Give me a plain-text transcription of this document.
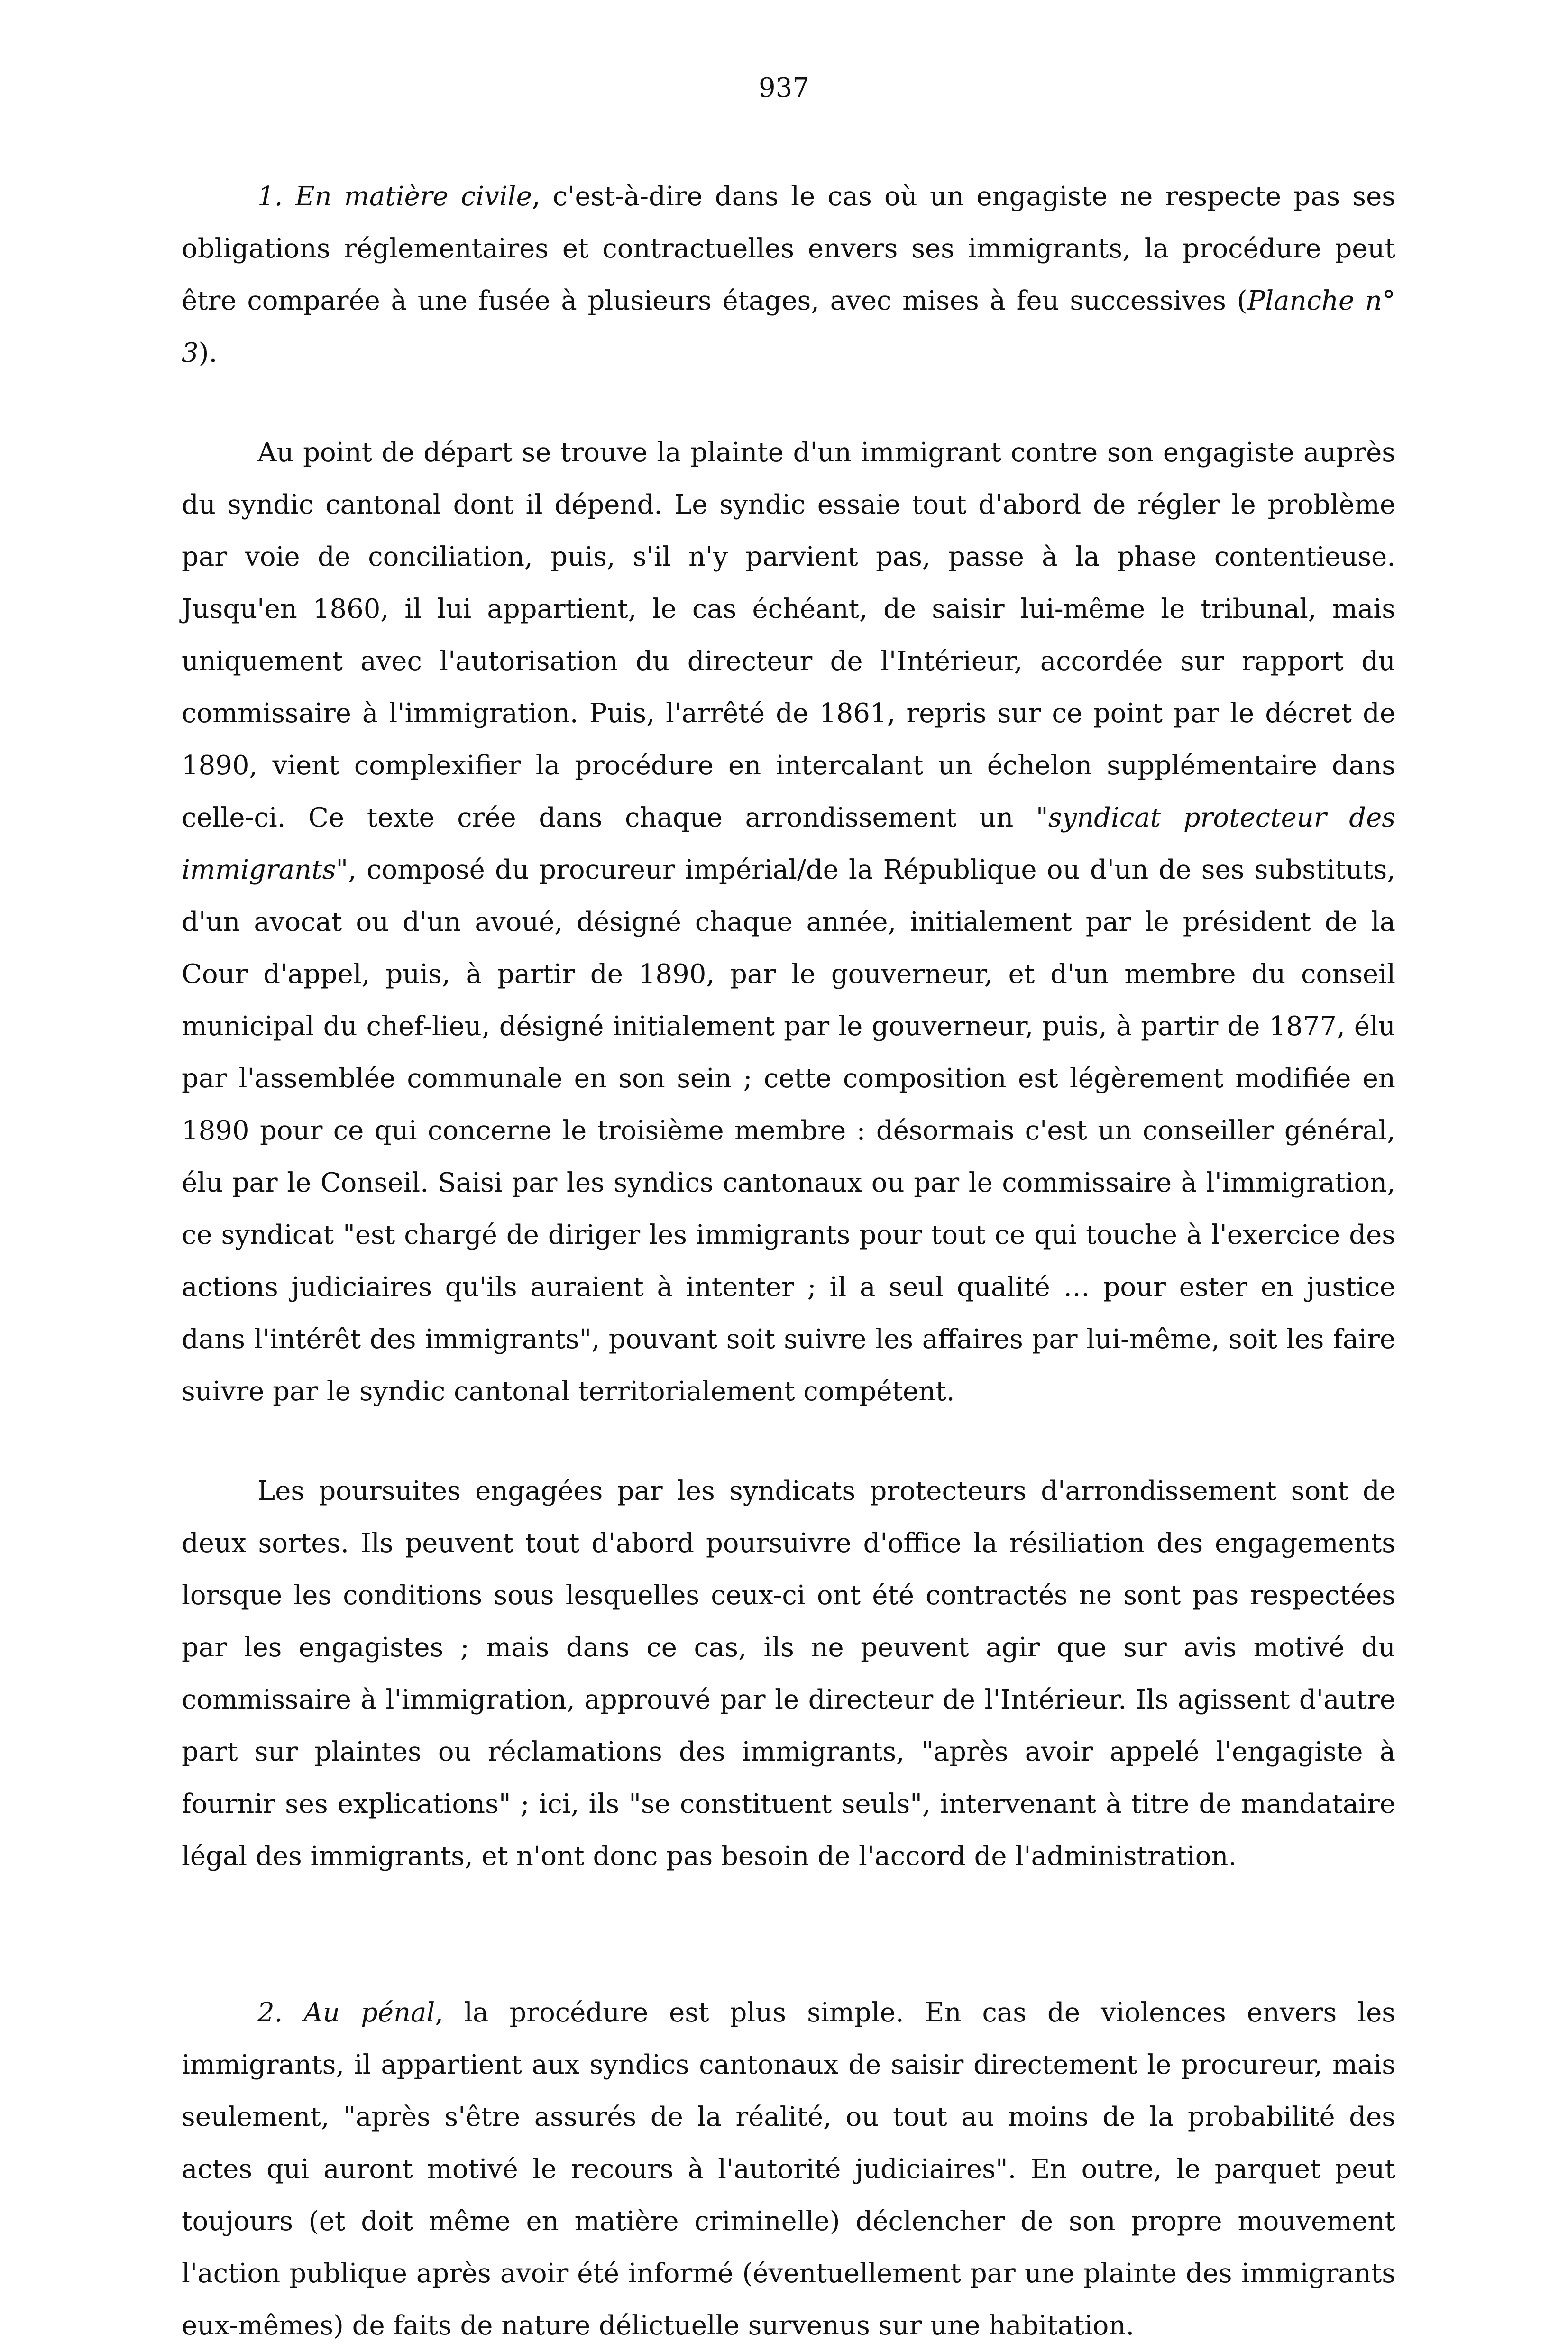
937

1. En matière civile, c'est-à-dire dans le cas où un engagiste ne respecte pas ses obligations réglementaires et contractuelles envers ses immigrants, la procédure peut être comparée à une fusée à plusieurs étages, avec mises à feu successives (Planche n° 3).

Au point de départ se trouve la plainte d'un immigrant contre son engagiste auprès du syndic cantonal dont il dépend. Le syndic essaie tout d'abord de régler le problème par voie de conciliation, puis, s'il n'y parvient pas, passe à la phase contentieuse. Jusqu'en 1860, il lui appartient, le cas échéant, de saisir lui-même le tribunal, mais uniquement avec l'autorisation du directeur de l'Intérieur, accordée sur rapport du commissaire à l'immigration. Puis, l'arrêté de 1861, repris sur ce point par le décret de 1890, vient complexifier la procédure en intercalant un échelon supplémentaire dans celle-ci. Ce texte crée dans chaque arrondissement un "syndicat protecteur des immigrants", composé du procureur impérial/de la République ou d'un de ses substituts, d'un avocat ou d'un avoué, désigné chaque année, initialement par le président de la Cour d'appel, puis, à partir de 1890, par le gouverneur, et d'un membre du conseil municipal du chef-lieu, désigné initialement par le gouverneur, puis, à partir de 1877, élu par l'assemblée communale en son sein ; cette composition est légèrement modifiée en 1890 pour ce qui concerne le troisième membre : désormais c'est un conseiller général, élu par le Conseil. Saisi par les syndics cantonaux ou par le commissaire à l'immigration, ce syndicat "est chargé de diriger les immigrants pour tout ce qui touche à l'exercice des actions judiciaires qu'ils auraient à intenter ; il a seul qualité … pour ester en justice dans l'intérêt des immigrants", pouvant soit suivre les affaires par lui-même, soit les faire suivre par le syndic cantonal territorialement compétent.

Les poursuites engagées par les syndicats protecteurs d'arrondissement sont de deux sortes. Ils peuvent tout d'abord poursuivre d'office la résiliation des engagements lorsque les conditions sous lesquelles ceux-ci ont été contractés ne sont pas respectées par les engagistes ; mais dans ce cas, ils ne peuvent agir que sur avis motivé du commissaire à l'immigration, approuvé par le directeur de l'Intérieur. Ils agissent d'autre part sur plaintes ou réclamations des immigrants, "après avoir appelé l'engagiste à fournir ses explications" ; ici, ils "se constituent seuls", intervenant à titre de mandataire légal des immigrants, et n'ont donc pas besoin de l'accord de l'administration.

2. Au pénal, la procédure est plus simple. En cas de violences envers les immigrants, il appartient aux syndics cantonaux de saisir directement le procureur, mais seulement, "après s'être assurés de la réalité, ou tout au moins de la probabilité des actes qui auront motivé le recours à l'autorité judiciaires". En outre, le parquet peut toujours (et doit même en matière criminelle) déclencher de son propre mouvement l'action publique après avoir été informé (éventuellement par une plainte des immigrants eux-mêmes) de faits de nature délictuelle survenus sur une habitation.
